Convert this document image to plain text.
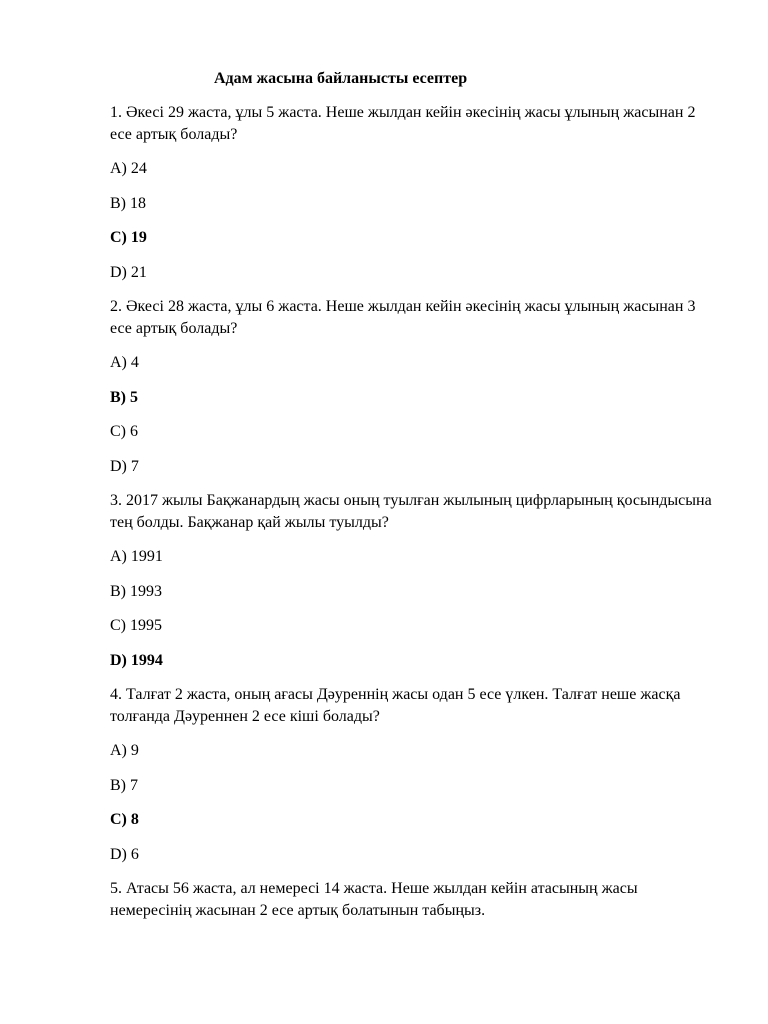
Адам жасына байланысты есептер
1. Әкесі 29 жаста, ұлы 5 жаста. Неше жылдан кейін әкесінің жасы ұлының жасынан 2 есе артық болады?
A) 24
B) 18
C) 19
D) 21
2. Әкесі 28 жаста, ұлы 6 жаста. Неше жылдан кейін әкесінің жасы ұлының жасынан 3 есе артық болады?
A) 4
B) 5
C) 6
D) 7
3. 2017 жылы Бақжанардың жасы оның туылған жылының цифрларының қосындысына тең болды. Бақжанар қай жылы туылды?
A) 1991
B) 1993
C) 1995
D) 1994
4. Талғат 2 жаста, оның ағасы Дәуреннің жасы одан 5 есе үлкен. Талғат неше жасқа толғанда Дәуреннен 2 есе кіші болады?
A) 9
B) 7
C) 8
D) 6
5. Атасы 56 жаста, ал немересі 14 жаста. Неше жылдан кейін атасының жасы немересінің жасынан 2 есе артық болатынын табыңыз.
